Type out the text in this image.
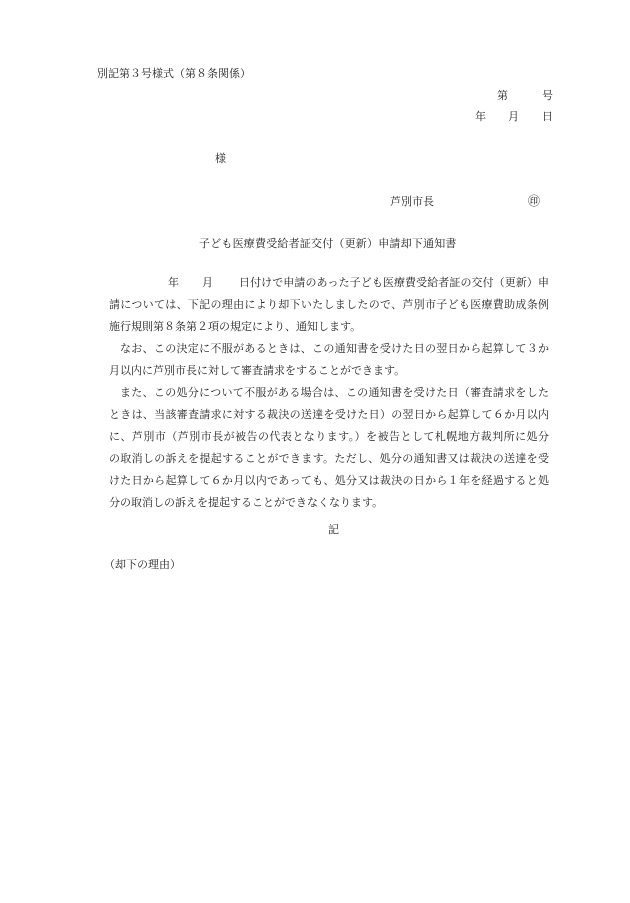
別記第３号様式（第８条関係）
第	号
年 月 日
様
芦別市長	㊞
子ども医療費受給者証交付（更新）申請却下通知書
年 月 日付けで申請のあった子ども医療費受給者証の交付（更新）申
請については、下記の理由により却下いたしましたので、芦別市子ども医療費助成条例
施行規則第８条第２項の規定により、通知します。
なお、この決定に不服があるときは、この通知書を受けた日の翌日から起算して３か
月以内に芦別市長に対して審査請求をすることができます。
また、この処分について不服がある場合は、この通知書を受けた日（審査請求をした
ときは、当該審査請求に対する裁決の送達を受けた日）の翌日から起算して６か月以内
に、芦別市（芦別市長が被告の代表となります。）を被告として札幌地方裁判所に処分
の取消しの訴えを提起することができます。ただし、処分の通知書又は裁決の送達を受
けた日から起算して６か月以内であっても、処分又は裁決の日から１年を経過すると処
分の取消しの訴えを提起することができなくなります。
記
（却下の理由）
